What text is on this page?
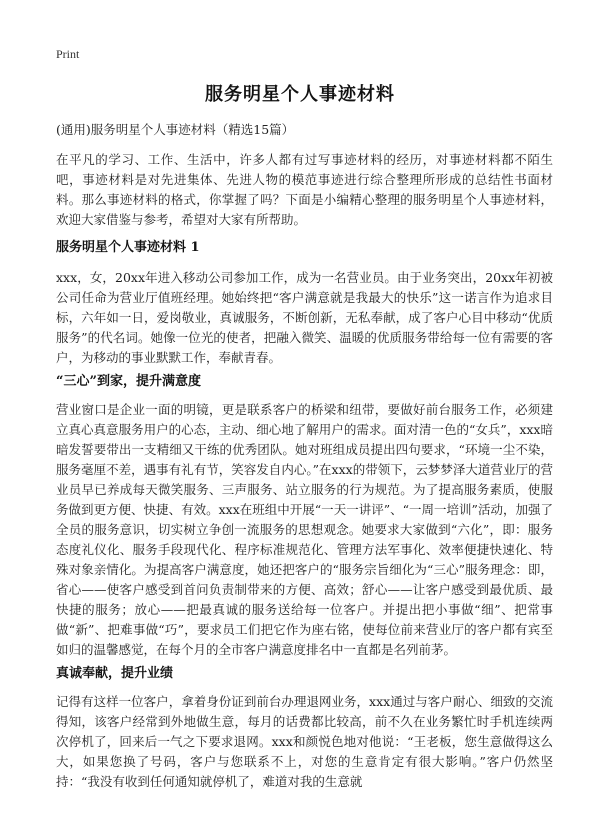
Print
服务明星个人事迹材料
(通用)服务明星个人事迹材料（精选15篇）

在平凡的学习、工作、生活中，许多人都有过写事迹材料的经历，对事迹材料都不陌生吧，事迹材料是对先进集体、先进人物的模范事迹进行综合整理所形成的总结性书面材料。那么事迹材料的格式，你掌握了吗？下面是小编精心整理的服务明星个人事迹材料，欢迎大家借鉴与参考，希望对大家有所帮助。

服务明星个人事迹材料 1

xxx，女，20xx年进入移动公司参加工作，成为一名营业员。由于业务突出，20xx年初被公司任命为营业厅值班经理。她始终把“客户满意就是我最大的快乐”这一诺言作为追求目标，六年如一日，爱岗敬业，真诚服务，不断创新，无私奉献，成了客户心目中移动“优质服务”的代名词。她像一位光的使者，把融入微笑、温暖的优质服务带给每一位有需要的客户，为移动的事业默默工作，奉献青春。

“三心”到家，提升满意度

营业窗口是企业一面的明镜，更是联系客户的桥梁和纽带，要做好前台服务工作，必须建立真心真意服务用户的心态，主动、细心地了解用户的需求。面对清一色的“女兵”，xxx暗暗发誓要带出一支精细又干练的优秀团队。她对班组成员提出四句要求，“环境一尘不染，服务毫厘不差，遇事有礼有节，笑容发自内心。”在xxx的带领下，云梦梦泽大道营业厅的营业员早已养成每天微笑服务、三声服务、站立服务的行为规范。为了提高服务素质，使服务做到更方便、快捷、有效。xxx在班组中开展“一天一讲评”、“一周一培训”活动，加强了全员的服务意识，切实树立争创一流服务的思想观念。她要求大家做到“六化”，即：服务态度礼仪化、服务手段现代化、程序标准规范化、管理方法军事化、效率便捷快速化、特殊对象亲情化。为提高客户满意度，她还把客户的“服务宗旨细化为“三心”服务理念：即，省心——使客户感受到首问负责制带来的方便、高效；舒心——让客户感受到最优质、最快捷的服务；放心——把最真诚的服务送给每一位客户。并提出把小事做“细”、把常事做“新”、把难事做“巧”，要求员工们把它作为座右铭，使每位前来营业厅的客户都有宾至如归的温馨感觉，在每个月的全市客户满意度排名中一直都是名列前茅。

真诚奉献，提升业绩

记得有这样一位客户，拿着身份证到前台办理退网业务，xxx通过与客户耐心、细致的交流得知，该客户经常到外地做生意，每月的话费都比较高，前不久在业务繁忙时手机连续两次停机了，回来后一气之下要求退网。xxx和颜悦色地对他说：“王老板，您生意做得这么大，如果您换了号码，客户与您联系不上，对您的生意肯定有很大影响。”客户仍然坚持：“我没有收到任何通知就停机了，难道对我的生意就
